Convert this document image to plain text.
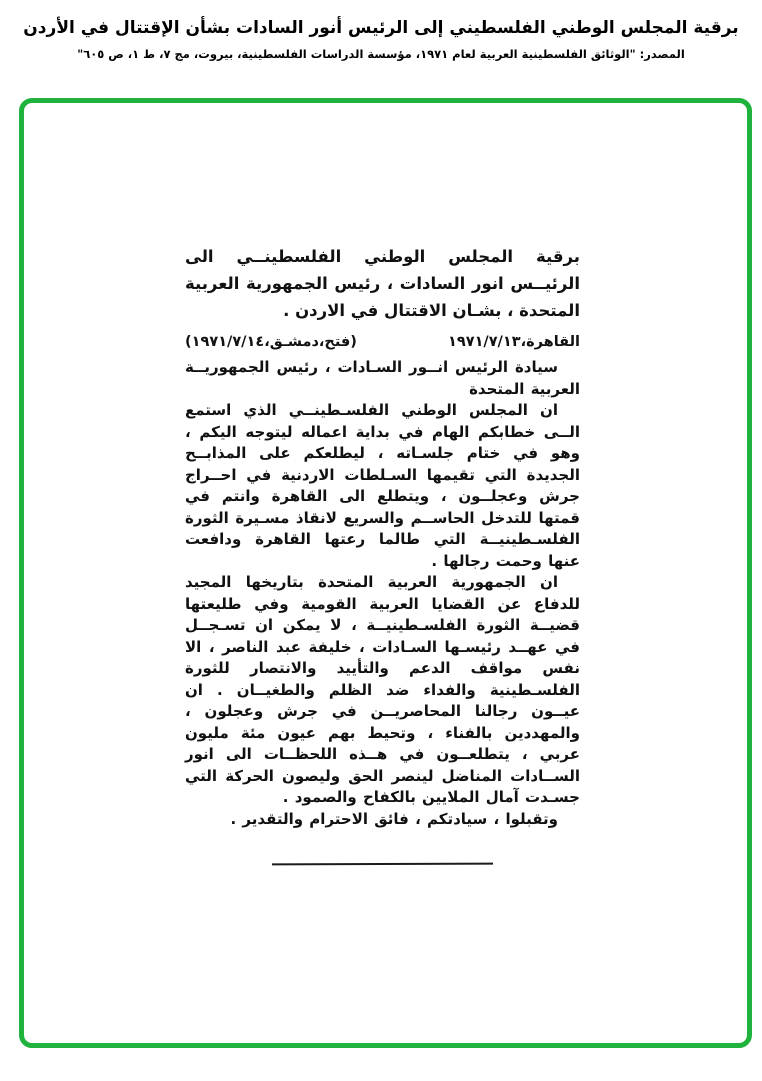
برقية المجلس الوطني الفلسطيني إلى الرئيس أنور السادات بشأن الإقتتال في الأردن
المصدر: "الوثائق الفلسطينية العربية لعام ١٩٧١، مؤسسة الدراسات الفلسطينية، بيروت، مج ٧، ط ١، ص ٦٠٥"
برقية المجلس الوطني الفلسطينــي الى الرئيــس انور السادات ، رئيس الجمهورية العربية المتحدة ، بشـان الاقتتال في الاردن .
القاهرة،١٩٧١/٧/١٣
(فتح،دمشـق،١٩٧١/٧/١٤)

سيادة الرئيس انــور السـادات ، رئيس الجمهوريــة العربية المتحدة

ان المجلس الوطني الفلسـطينــي الذي استمع الــى خطابكم الهام في بداية اعماله ليتوجه اليكم ، وهو في ختام جلسـاته ، ليطلعكم على المذابــح الجديدة التي تقيمها السـلطات الاردنية في احــراج جرش وعجلــون ، ويتطلع الى القاهرة وانتم في قمتها للتدخل الحاســم والسريع لانقاذ مسـيرة الثورة الفلسـطينيــة التي طالما رعتها القاهرة ودافعت عنها وحمت رجالها .

ان الجمهورية العربية المتحدة بتاريخها المجيد للدفاع عن القضايا العربية القومية وفي طليعتها قضيــة الثورة الفلسـطينيــة ، لا يمكن ان تسـجــل في عهــد رئيسـها السـادات ، خليفة عبد الناصر ، الا نفس مواقف الدعم والتأييد والانتصار للثورة الفلسـطينية والفداء ضد الظلم والطغيــان . ان عيــون رجالنا المحاصريــن في جرش وعجلون ، والمهددين بالفناء ، وتحيط بهم عيون مئة مليون عربي ، يتطلعــون في هــذه اللحظــات الى انور الســادات المناضل لينصر الحق وليصون الحركة التي جسـدت آمال الملايين بالكفاح والصمود .

وتقبلوا ، سيادتكم ، فائق الاحترام والتقدير .
